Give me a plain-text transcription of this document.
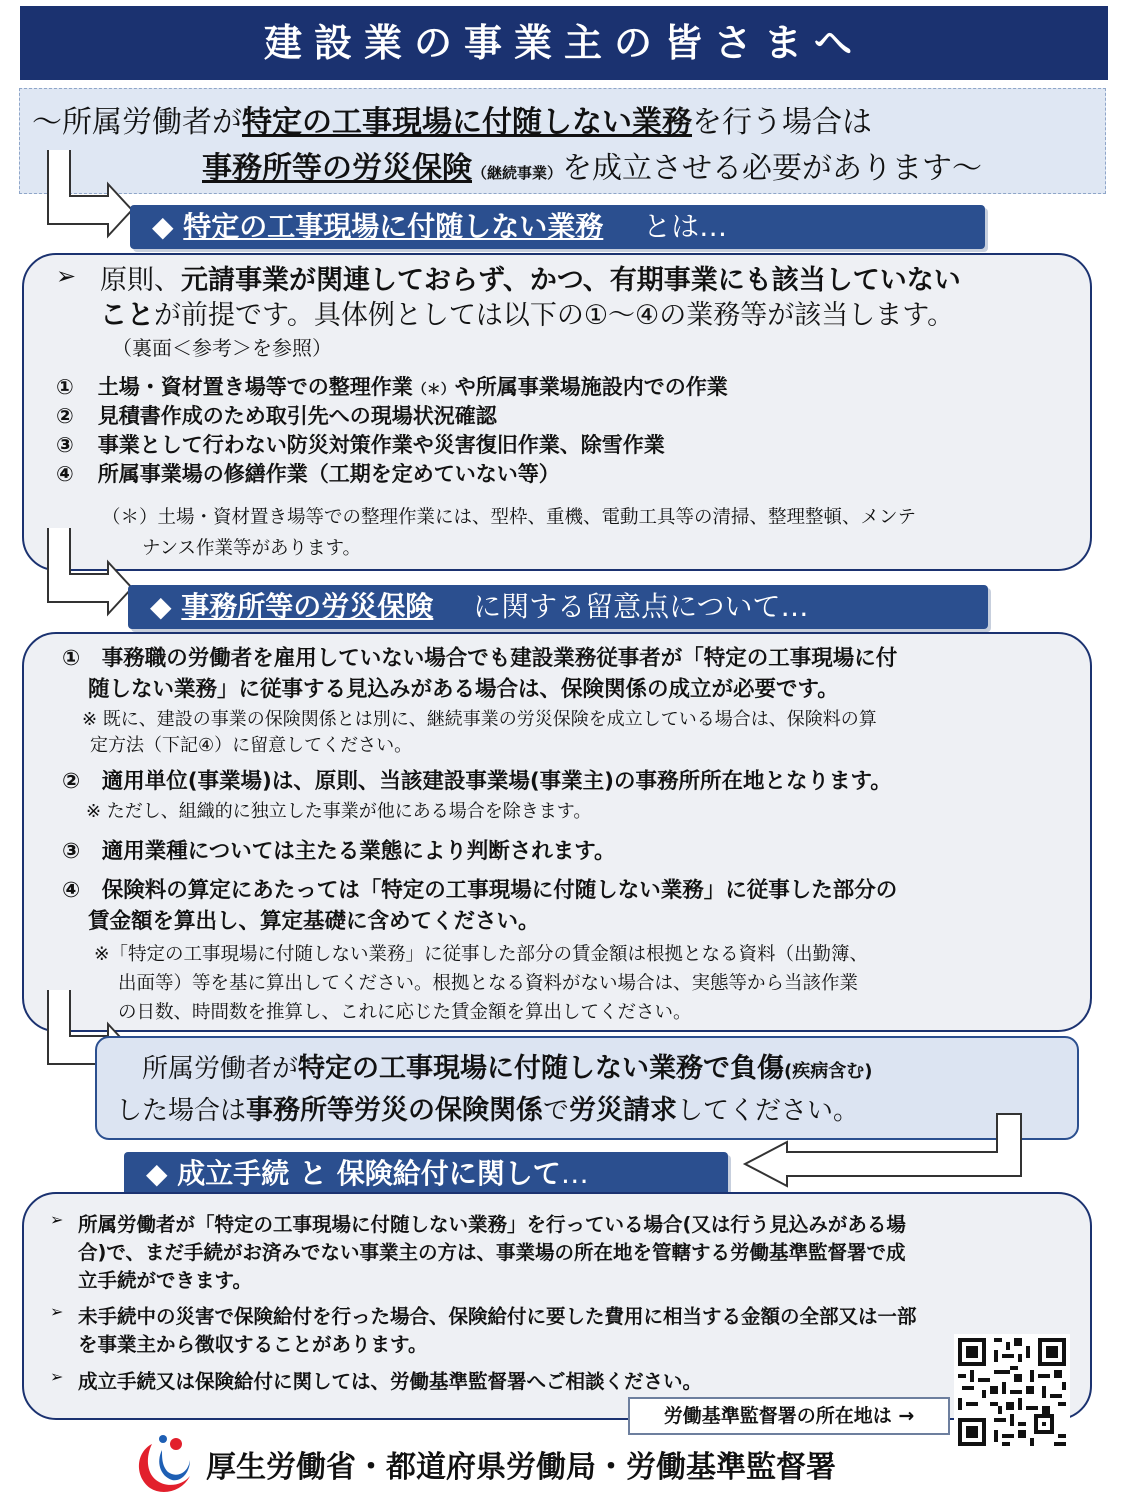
建設業の事業主の皆さまへ
～所属労働者が特定の工事現場に付随しない業務を行う場合は
事務所等の労災保険（継続事業）を成立させる必要があります～
◆ 特定の工事現場に付随しない業務 とは…
➢ 原則、元請事業が関連しておらず、かつ、有期事業にも該当していない
ことが前提です。具体例としては以下の①～④の業務等が該当します。
（裏面＜参考＞を参照）
① 土場・資材置き場等での整理作業（＊）や所属事業場施設内での作業
② 見積書作成のため取引先への現場状況確認
③ 事業として行わない防災対策作業や災害復旧作業、除雪作業
④ 所属事業場の修繕作業（工期を定めていない等）
（＊）土場・資材置き場等での整理作業には、型枠、重機、電動工具等の清掃、整理整頓、メンテ
ナンス作業等があります。
◆ 事務所等の労災保険 に関する留意点について…
①　事務職の労働者を雇用していない場合でも建設業務従事者が「特定の工事現場に付
随しない業務」に従事する見込みがある場合は、保険関係の成立が必要です。
※ 既に、建設の事業の保険関係とは別に、継続事業の労災保険を成立している場合は、保険料の算
定方法（下記④）に留意してください。
②　適用単位(事業場)は、原則、当該建設事業場(事業主)の事務所所在地となります。
※ ただし、組織的に独立した事業が他にある場合を除きます。
③　適用業種については主たる業態により判断されます。
④　保険料の算定にあたっては「特定の工事現場に付随しない業務」に従事した部分の
賃金額を算出し、算定基礎に含めてください。
※「特定の工事現場に付随しない業務」に従事した部分の賃金額は根拠となる資料（出勤簿、
出面等）等を基に算出してください。根拠となる資料がない場合は、実態等から当該作業
の日数、時間数を推算し、これに応じた賃金額を算出してください。
所属労働者が特定の工事現場に付随しない業務で負傷(疾病含む)
した場合は事務所等労災の保険関係で労災請求してください。
◆ 成立手続 と 保険給付に関して…
➢ 所属労働者が「特定の工事現場に付随しない業務」を行っている場合(又は行う見込みがある場
合)で、まだ手続がお済みでない事業主の方は、事業場の所在地を管轄する労働基準監督署で成
立手続ができます。
➢ 未手続中の災害で保険給付を行った場合、保険給付に要した費用に相当する金額の全部又は一部
を事業主から徴収することがあります。
➢ 成立手続又は保険給付に関しては、労働基準監督署へご相談ください。
労働基準監督署の所在地は →
厚生労働省・都道府県労働局・労働基準監督署
